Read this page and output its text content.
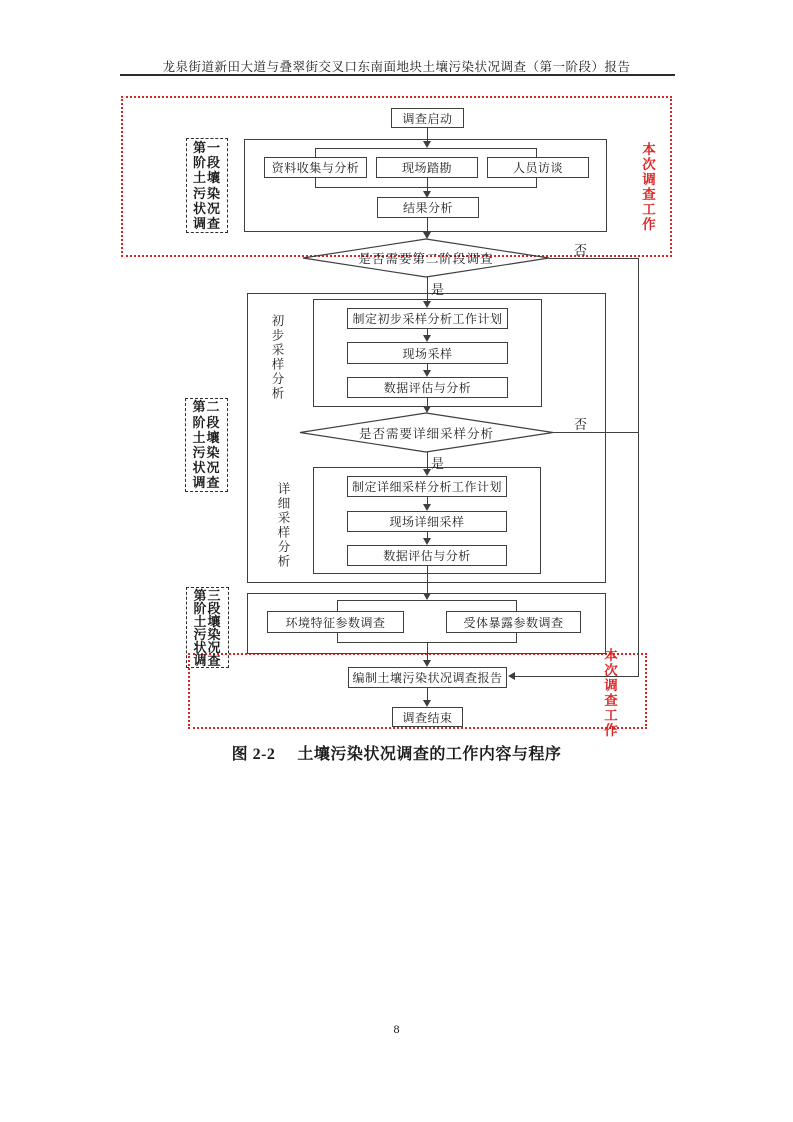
龙泉街道新田大道与叠翠街交叉口东南面地块土壤污染状况调查（第一阶段）报告
调查启动
资料收集与分析	现场踏勘	人员访谈
结果分析
制定初步采样分析工作计划
现场采样
数据评估与分析
制定详细采样分析工作计划
现场详细采样
数据评估与分析
环境特征参数调查	受体暴露参数调查
编制土壤污染状况调查报告
调查结束
是否需要第二阶段调查
是否需要详细采样分析
否
是
否
是
第一阶段土壤污染状况调查
第二阶段土壤污染状况调查
第三阶段土壤污染状况调查
初步采样分析
详细采样分析
本次调查工作
本次调查工作
图 2-2 土壤污染状况调查的工作内容与程序
8
